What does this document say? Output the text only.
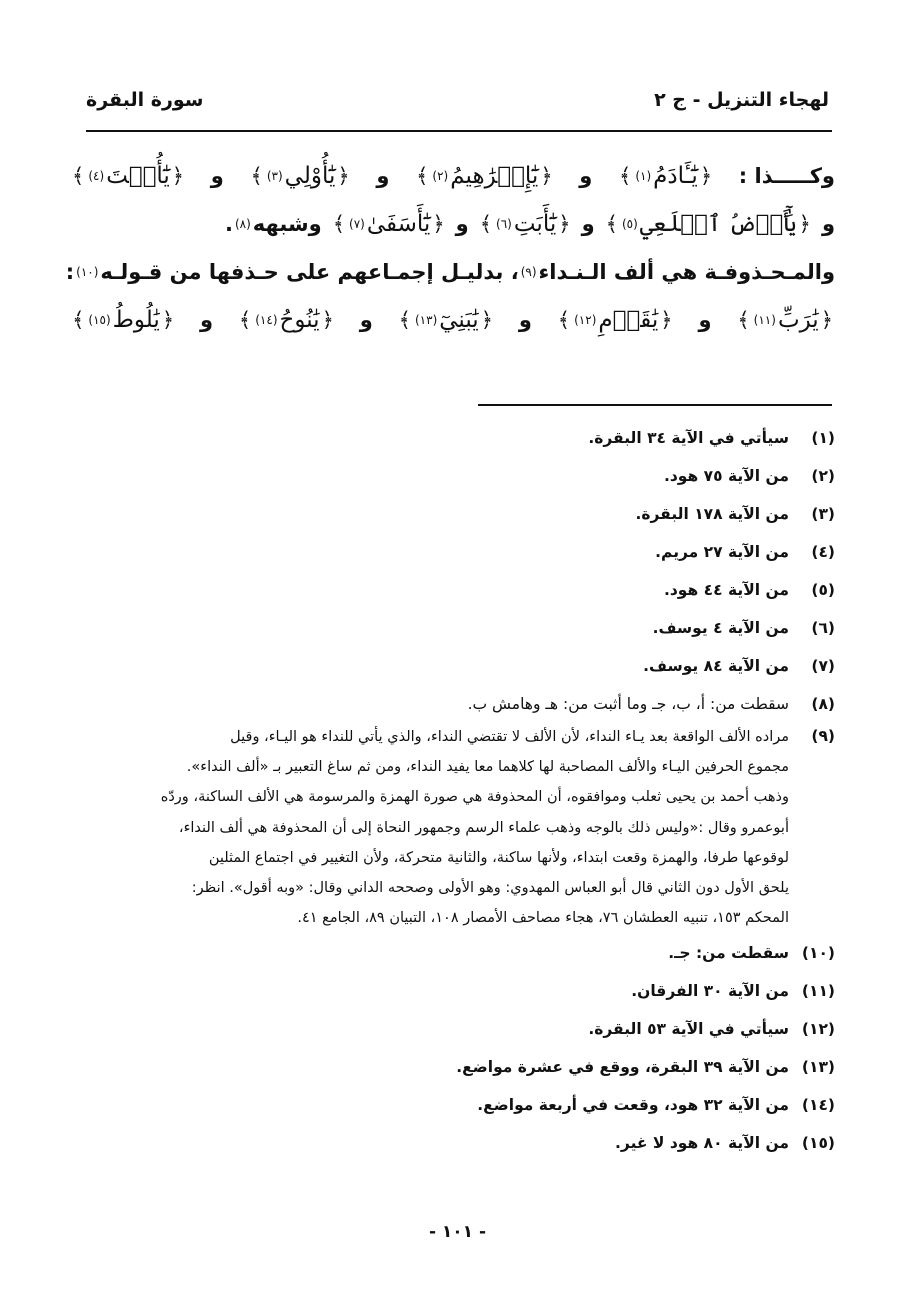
لهجاء التنزيل - ج ٢
سورة البقرة
وكـــــذا :
﴿
يَٰٓـَٔادَمُ
(١)
﴾
و
﴿
يَٰٓإِبۡرَٰهِيمُ
(٢)
﴾
و
﴿
يَٰٓأُوْلِي
(٣)
﴾
و
﴿
يَٰٓأُخۡتَ
(٤)
﴾
و
﴿
يَٰٓأَرۡضُ ٱبۡلَعِي
(٥)
﴾
و
﴿
يَٰٓأَبَتِ
(٦)
﴾
و
﴿
يَٰٓأَسَفَىٰ
(٧)
﴾
وشبهه
(٨)
.
والمـحـذوفـة هي ألف الـنـداء
(٩)
، بدليـل إجمـاعهم على حـذفها من قـولـه
(١٠)
:
﴿
يَٰرَبِّ
(١١)
﴾
و
﴿
يَٰقَوۡمِ
(١٢)
﴾
و
﴿
يَٰبَنِيٓ
(١٣)
﴾
و
﴿
يَٰنُوحُ
(١٤)
﴾
و
﴿
يَٰلُوطُ
(١٥)
﴾
(١)
سيأتي في الآية ٣٤ البقرة.
(٢)
من الآية ٧٥ هود.
(٣)
من الآية ١٧٨ البقرة.
(٤)
من الآية ٢٧ مريم.
(٥)
من الآية ٤٤ هود.
(٦)
من الآية ٤ يوسف.
(٧)
من الآية ٨٤ يوسف.
(٨)
سقطت من: أ، ب، جـ وما أثبت من: هـ وهامش ب.
(٩)
مراده الألف الواقعة بعد يـاء النداء، لأن الألف لا تقتضي النداء، والذي يأتي للنداء هو اليـاء، وقيل
مجموع الحرفين اليـاء والألف المصاحبة لها كلاهما معا يفيد النداء، ومن ثم ساغ التعبير بـ «ألف النداء».
وذهب أحمد بن يحيى ثعلب وموافقوه، أن المحذوفة هي صورة الهمزة والمرسومة هي الألف الساكنة، وردّه
أبوعمرو وقال :«وليس ذلك بالوجه وذهب علماء الرسم وجمهور النحاة إلى أن المحذوفة هي ألف النداء،
لوقوعها طرفا، والهمزة وقعت ابتداء، ولأنها ساكنة، والثانية متحركة، ولأن التغيير في اجتماع المثلين
يلحق الأول دون الثاني قال أبو العباس المهدوي: وهو الأولى وصححه الداني وقال: «وبه أقول». انظر:
المحكم ١٥٣، تنبيه العطشان ٧٦، هجاء مصاحف الأمصار ١٠٨، التبيان ٨٩، الجامع ٤١.
(١٠)
سقطت من: جـ.
(١١)
من الآية ٣٠ الفرقان.
(١٢)
سيأتي في الآية ٥٣ البقرة.
(١٣)
من الآية ٣٩ البقرة، ووقع في عشرة مواضع.
(١٤)
من الآية ٣٢ هود، وقعت في أربعة مواضع.
(١٥)
من الآية ٨٠ هود لا غير.
- ١٠١ -
